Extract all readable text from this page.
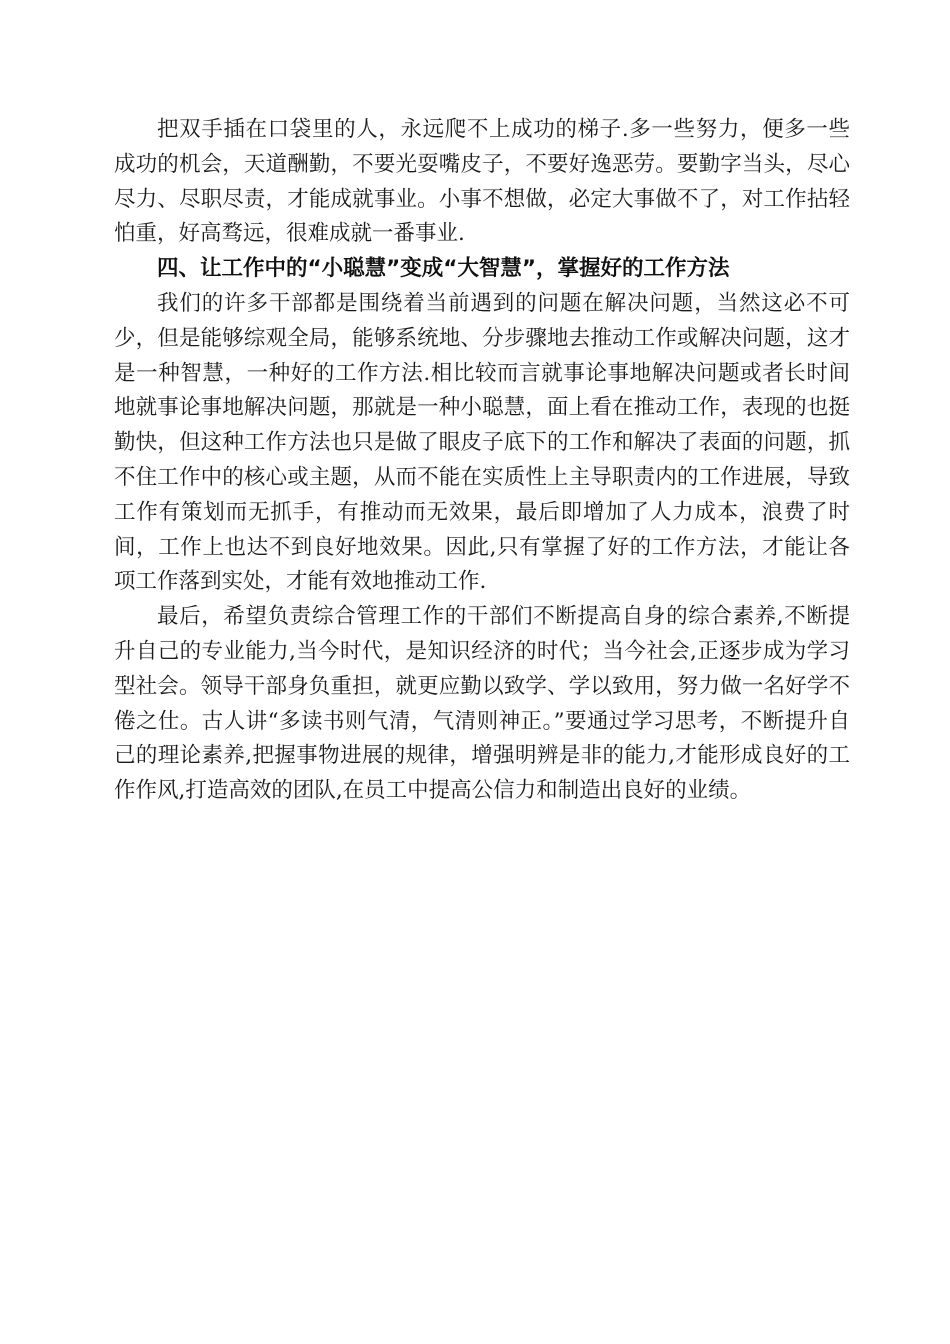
把双手插在口袋里的人，永远爬不上成功的梯子.多一些努力，便多一些成功的机会，天道酬勤，不要光耍嘴皮子，不要好逸恶劳。要勤字当头，尽心尽力、尽职尽责，才能成就事业。小事不想做，必定大事做不了，对工作拈轻怕重，好高骛远，很难成就一番事业.

四、让工作中的“小聪慧”变成“大智慧”，掌握好的工作方法

我们的许多干部都是围绕着当前遇到的问题在解决问题，当然这必不可少，但是能够综观全局，能够系统地、分步骤地去推动工作或解决问题，这才是一种智慧，一种好的工作方法.相比较而言就事论事地解决问题或者长时间地就事论事地解决问题，那就是一种小聪慧，面上看在推动工作，表现的也挺勤快，但这种工作方法也只是做了眼皮子底下的工作和解决了表面的问题，抓不住工作中的核心或主题，从而不能在实质性上主导职责内的工作进展，导致工作有策划而无抓手，有推动而无效果，最后即增加了人力成本，浪费了时间，工作上也达不到良好地效果。因此,只有掌握了好的工作方法，才能让各项工作落到实处，才能有效地推动工作.

最后，希望负责综合管理工作的干部们不断提高自身的综合素养,不断提升自己的专业能力,当今时代，是知识经济的时代；当今社会,正逐步成为学习型社会。领导干部身负重担，就更应勤以致学、学以致用，努力做一名好学不倦之仕。古人讲“多读书则气清，气清则神正。”要通过学习思考，不断提升自己的理论素养,把握事物进展的规律，增强明辨是非的能力,才能形成良好的工作作风,打造高效的团队,在员工中提高公信力和制造出良好的业绩。
